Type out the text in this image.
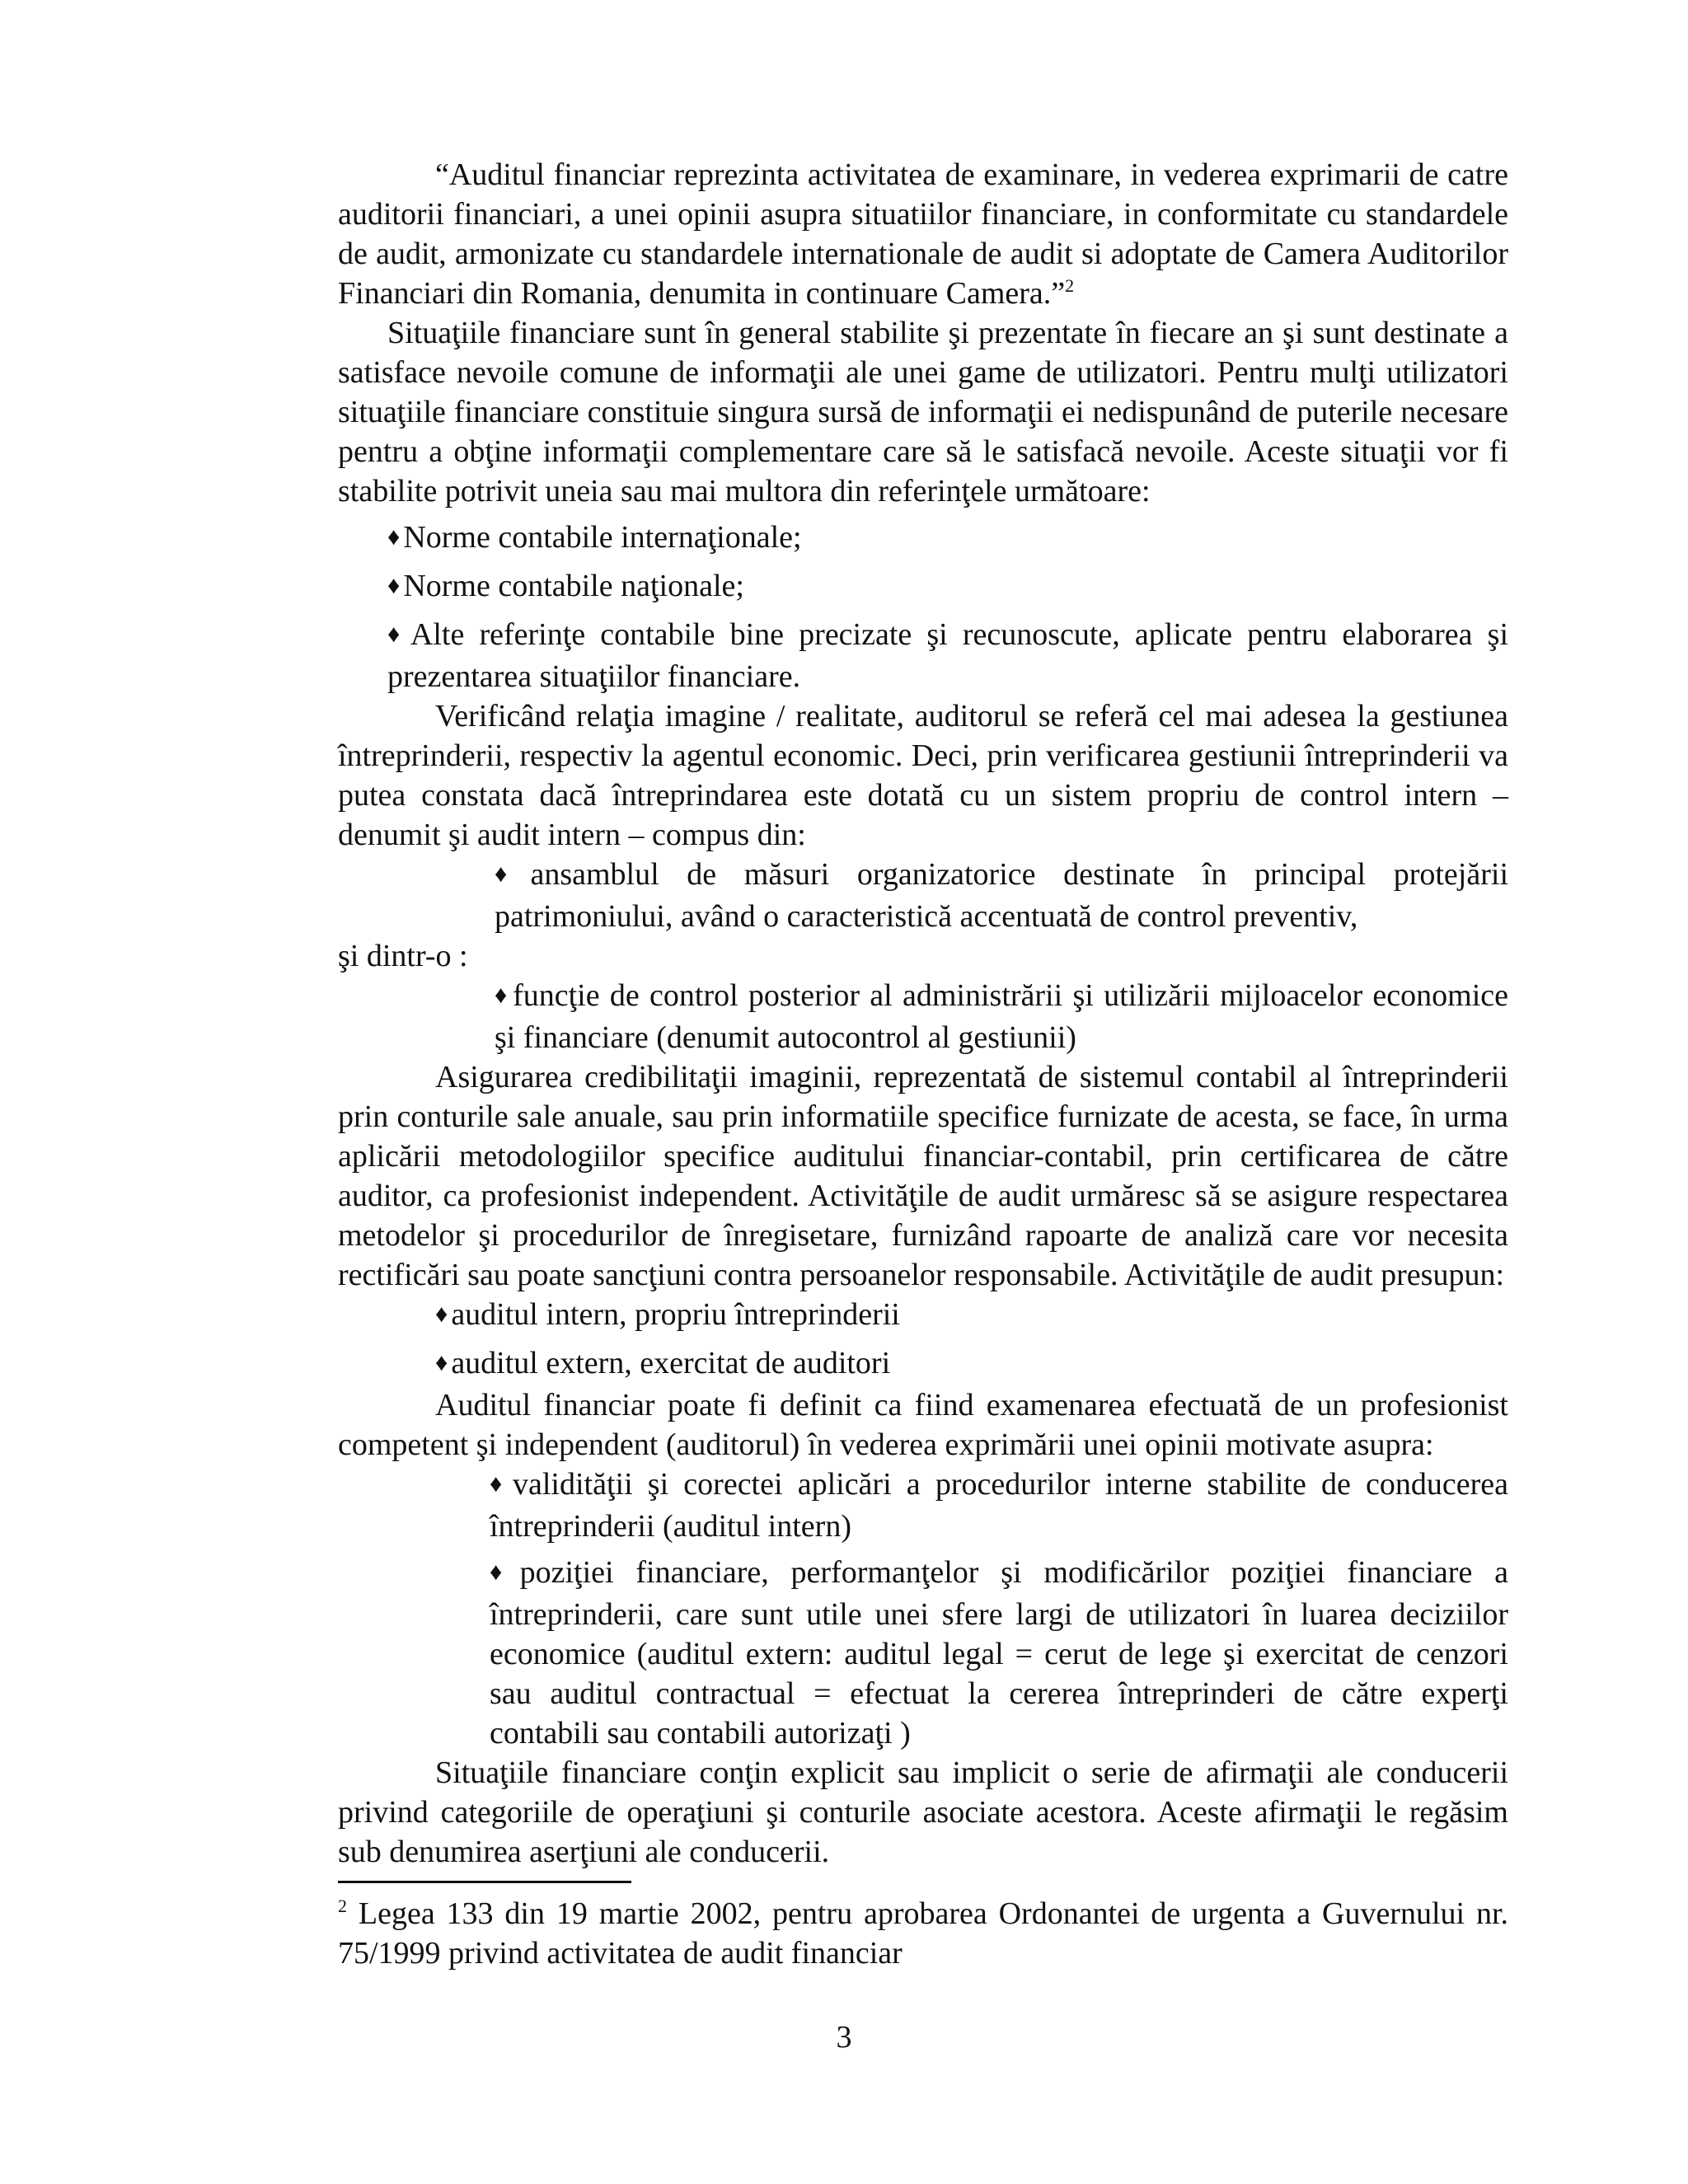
“Auditul financiar reprezinta activitatea de examinare, in vederea exprimarii de catre auditorii financiari, a unei opinii asupra situatiilor financiare, in conformitate cu standardele de audit, armonizate cu standardele internationale de audit si adoptate de Camera Auditorilor Financiari din Romania, denumita in continuare Camera.”$^2$

Situaţiile financiare sunt în general stabilite şi prezentate în fiecare an şi sunt destinate a satisface nevoile comune de informaţii ale unei game de utilizatori. Pentru mulţi utilizatori situaţiile financiare constituie singura sursă de informaţii ei nedispunând de puterile necesare pentru a obţine informaţii complementare care să le satisfacă nevoile. Aceste situaţii vor fi stabilite potrivit uneia sau mai multora din referinţele următoare:

♦ Norme contabile internaţionale;
♦ Norme contabile naţionale;
♦ Alte referinţe contabile bine precizate şi recunoscute, aplicate pentru elaborarea şi prezentarea situaţiilor financiare.

Verificând relaţia imagine / realitate, auditorul se referă cel mai adesea la gestiunea întreprinderii, respectiv la agentul economic. Deci, prin verificarea gestiunii întreprinderii va putea constata dacă întreprindarea este dotată cu un sistem propriu de control intern – denumit şi audit intern – compus din:

♦ ansamblul de măsuri organizatorice destinate în principal protejării patrimoniului, având o caracteristică accentuată de control preventiv,

şi dintr-o :

♦ funcţie de control posterior al administrării şi utilizării mijloacelor economice şi financiare (denumit autocontrol al gestiunii)

Asigurarea credibilitaţii imaginii, reprezentată de sistemul contabil al întreprinderii prin conturile sale anuale, sau prin informatiile specifice furnizate de acesta, se face, în urma aplicării metodologiilor specifice auditului financiar-contabil, prin certificarea de către auditor, ca profesionist independent. Activităţile de audit urmăresc să se asigure respectarea metodelor şi procedurilor de înregisetare, furnizând rapoarte de analiză care vor necesita rectificări sau poate sancţiuni contra persoanelor responsabile. Activităţile de audit presupun:

♦ auditul intern, propriu întreprinderii
♦ auditul extern, exercitat de auditori

Auditul financiar poate fi definit ca fiind examenarea efectuată de un profesionist competent şi independent (auditorul) în vederea exprimării unei opinii motivate asupra:

♦ validităţii şi corectei aplicări a procedurilor interne stabilite de conducerea întreprinderii (auditul intern)
♦ poziţiei financiare, performanţelor şi modificărilor poziţiei financiare a întreprinderii, care sunt utile unei sfere largi de utilizatori în luarea deciziilor economice (auditul extern: auditul legal = cerut de lege şi exercitat de cenzori sau auditul contractual = efectuat la cererea întreprinderi de către experţi contabili sau contabili autorizaţi )

Situaţiile financiare conţin explicit sau implicit o serie de afirmaţii ale conducerii privind categoriile de operaţiuni şi conturile asociate acestora. Aceste afirmaţii le regăsim sub denumirea aserţiuni ale conducerii.

$^2$ Legea 133 din 19 martie 2002, pentru aprobarea Ordonantei de urgenta a Guvernului nr. 75/1999 privind activitatea de audit financiar
3
